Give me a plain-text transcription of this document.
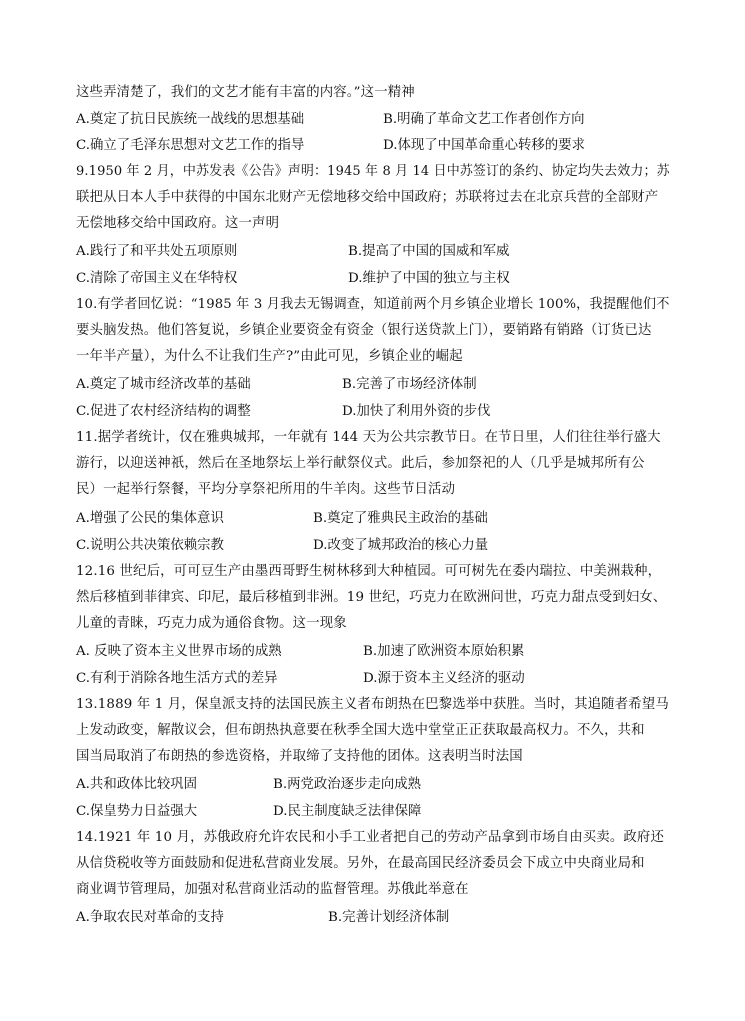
这些弄清楚了，我们的文艺才能有丰富的内容。”这一精神
A.奠定了抗日民族统一战线的思想基础	B.明确了革命文艺工作者创作方向
C.确立了毛泽东思想对文艺工作的指导	D.体现了中国革命重心转移的要求
9.1950 年 2 月，中苏发表《公告》声明：1945 年 8 月 14 日中苏签订的条约、协定均失去效力；苏
联把从日本人手中获得的中国东北财产无偿地移交给中国政府；苏联将过去在北京兵营的全部财产
无偿地移交给中国政府。这一声明
A.践行了和平共处五项原则	B.提高了中国的国威和军威
C.清除了帝国主义在华特权	D.维护了中国的独立与主权
10.有学者回忆说：“1985 年 3 月我去无锡调查，知道前两个月乡镇企业增长 100%，我提醒他们不
要头脑发热。他们答复说，乡镇企业要资金有资金（银行送贷款上门），要销路有销路（订货已达
一年半产量），为什么不让我们生产?”由此可见，乡镇企业的崛起
A.奠定了城市经济改革的基础	B.完善了市场经济体制
C.促进了农村经济结构的调整	D.加快了利用外资的步伐
11.据学者统计，仅在雅典城邦，一年就有 144 天为公共宗教节日。在节日里，人们往往举行盛大
游行，以迎送神祇，然后在圣地祭坛上举行献祭仪式。此后，参加祭祀的人（几乎是城邦所有公
民）一起举行祭餐，平均分享祭祀所用的牛羊肉。这些节日活动
A.增强了公民的集体意识	B.奠定了雅典民主政治的基础
C.说明公共决策依赖宗教	D.改变了城邦政治的核心力量
12.16 世纪后，可可豆生产由墨西哥野生树林移到大种植园。可可树先在委内瑞拉、中美洲栽种，
然后移植到菲律宾、印尼，最后移植到非洲。19 世纪，巧克力在欧洲问世，巧克力甜点受到妇女、
儿童的青睐，巧克力成为通俗食物。这一现象
A. 反映了资本主义世界市场的成熟	B.加速了欧洲资本原始积累
C.有利于消除各地生活方式的差异	D.源于资本主义经济的驱动
13.1889 年 1 月，保皇派支持的法国民族主义者布朗热在巴黎选举中获胜。当时，其追随者希望马
上发动政变，解散议会，但布朗热执意要在秋季全国大选中堂堂正正获取最高权力。不久，共和
国当局取消了布朗热的参选资格，并取缔了支持他的团体。这表明当时法国
A.共和政体比较巩固	B.两党政治逐步走向成熟
C.保皇势力日益强大	D.民主制度缺乏法律保障
14.1921 年 10 月，苏俄政府允许农民和小手工业者把自己的劳动产品拿到市场自由买卖。政府还
从信贷税收等方面鼓励和促进私营商业发展。另外，在最高国民经济委员会下成立中央商业局和
商业调节管理局，加强对私营商业活动的监督管理。苏俄此举意在
A.争取农民对革命的支持	B.完善计划经济体制
